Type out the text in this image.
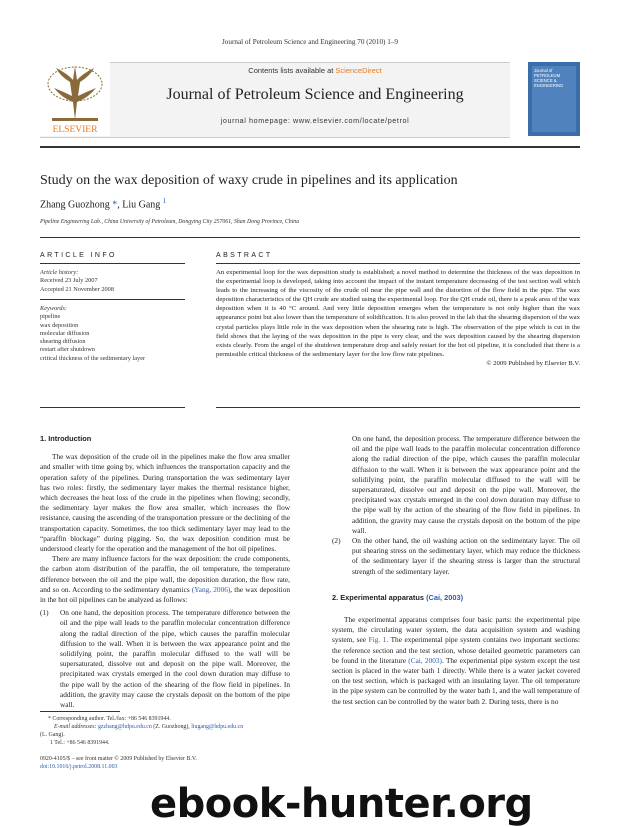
Journal of Petroleum Science and Engineering 70 (2010) 1–9
ELSEVIER
Contents lists available at ScienceDirect
Journal of Petroleum Science and Engineering
journal homepage: www.elsevier.com/locate/petrol
Journal of PETROLEUM SCIENCE & ENGINEERING
Study on the wax deposition of waxy crude in pipelines and its application
Zhang Guozhong *, Liu Gang $^1$
Pipeline Engineering Lab., China University of Petroleum, Dongying City 257061, Shan Dong Province, China
ARTICLE INFO
Article history:
Received 23 July 2007
Accepted 21 November 2008
Keywords:
pipeline
wax deposition
molecular diffusion
shearing diffusion
restart after shutdown
critical thickness of the sedimentary layer
ABSTRACT
An experimental loop for the wax deposition study is established; a novel method to determine the thickness of the wax deposition in the experimental loop is developed, taking into account the impact of the instant temperature decreasing of the test section wall which leads to the increasing of the viscosity of the crude oil near the pipe wall and the distortion of the flow field in the pipe. The wax deposition characteristics of the QH crude are studied using the experimental loop. For the QH crude oil, there is a peak area of the wax deposition when it is 40 °C around. And very little deposition emerges when the temperature is not only higher than the wax appearance point but also lower than the temperature of solidification. It is also proved in the lab that the shearing dispersion of the wax crystal particles plays little role in the wax deposition when the shearing rate is high. The observation of the pipe which is cut in the field shows that the laying of the wax deposition in the pipe is very clear, and the wax deposition caused by the shearing dispersion exists clearly. From the angel of the shutdown temperature drop and safely restart for the hot oil pipeline, it is concluded that there is a permissible critical thickness of the sedimentary layer for the low flow rate pipelines.
© 2009 Published by Elsevier B.V.
1. Introduction

The wax deposition of the crude oil in the pipelines make the flow area smaller and smaller with time going by, which influences the transportation capacity and the operation safety of the pipelines. During transportation the wax sedimentary layer has two roles: firstly, the sedimentary layer makes the thermal resistance higher, which decreases the heat loss of the crude in the pipelines when flowing; secondly, the sedimentary layer makes the flow area smaller, which increases the flow resistance, causing the ascending of the transportation pressure or the declining of the transportation capacity. Sometimes, the too thick sedimentary layer may lead to the “paraffin blockage” during pigging. So, the wax deposition condition must be understood clearly for the operation and the management of the hot oil pipelines.

There are many influence factors for the wax deposition: the crude components, the carbon atom distribution of the paraffin, the oil temperature, the temperature difference between the oil and the pipe wall, the deposition duration, the flow rate, and so on. According to the sedimentary dynamics (Yang, 2006), the wax deposition in the hot oil pipelines can be analyzed as follows:

(1)	On one hand, the deposition process. The temperature difference between the oil and the pipe wall leads to the paraffin molecular concentration difference along the radial direction of the pipe, which causes the paraffin molecular diffusion to the wall. When it is between the wax appearance point and the solidifying point, the paraffin molecular diffused to the wall will be supersaturated, dissolve out and deposit on the pipe wall. Moreover, the precipitated wax crystals emerged in the cool down duration may diffuse to the pipe wall by the action of the shearing of the flow field in pipelines. In addition, the gravity may cause the crystals deposit on the bottom of the pipe wall.
* Corresponding author. Tel./fax: +86 546 8391944.
E-mail addresses: gzzhang@hdpu.edu.cn (Z. Guozhong), liugang@hdpu.edu.cn
(L. Gang).
1 Tel.: +86 546 8391944.
0920-4105/$ – see front matter © 2009 Published by Elsevier B.V.
doi:10.1016/j.petrol.2008.11.003
On one hand, the deposition process. The temperature difference between the oil and the pipe wall leads to the paraffin molecular concentration difference along the radial direction of the pipe, which causes the paraffin molecular diffusion to the wall. When it is between the wax appearance point and the solidifying point, the paraffin molecular diffused to the wall will be supersaturated, dissolve out and deposit on the pipe wall. Moreover, the precipitated wax crystals emerged in the cool down duration may diffuse to the pipe wall by the action of the shearing of the flow field in pipelines. In addition, the gravity may cause the crystals deposit on the bottom of the pipe wall.
(2)	On the other hand, the oil washing action on the sedimentary layer. The oil put shearing stress on the sedimentary layer, which may reduce the thickness of the sedimentary layer if the shearing stress is larger than the structural strength of the sedimentary layer.
2. Experimental apparatus (Cai, 2003)

The experimental apparatus comprises four basic parts: the experimental pipe system, the circulating water system, the data acquisition system and washing system, see Fig. 1. The experimental pipe system contains two important sections: the reference section and the test section, whose detailed geometric parameters can be found in the literature (Cai, 2003). The experimental pipe system except the test section is placed in the water bath 1 directly. While there is a water jacket covered on the test section, which is packaged with an insulating layer. The oil temperature in the pipe system can be controlled by the water bath 1, and the wall temperature of the test section can be controlled by the water bath 2. During tests, there is no

ebook-hunter.org
